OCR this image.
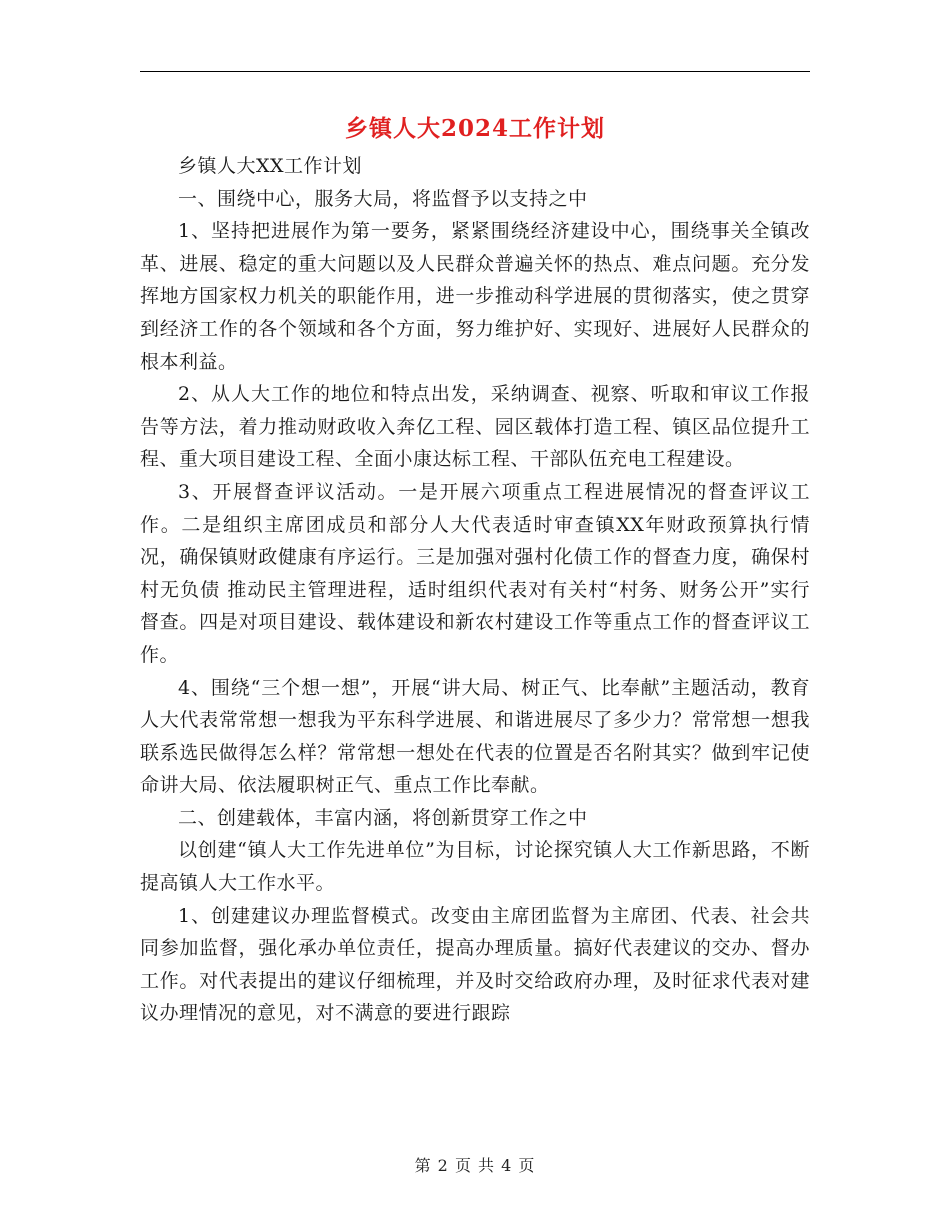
乡镇人大2024工作计划

乡镇人大XX工作计划

一、围绕中心，服务大局，将监督予以支持之中

1、坚持把进展作为第一要务，紧紧围绕经济建设中心，围绕事关全镇改革、进展、稳定的重大问题以及人民群众普遍关怀的热点、难点问题。充分发挥地方国家权力机关的职能作用，进一步推动科学进展的贯彻落实，使之贯穿到经济工作的各个领域和各个方面，努力维护好、实现好、进展好人民群众的根本利益。

2、从人大工作的地位和特点出发，采纳调查、视察、听取和审议工作报告等方法，着力推动财政收入奔亿工程、园区载体打造工程、镇区品位提升工程、重大项目建设工程、全面小康达标工程、干部队伍充电工程建设。

3、开展督查评议活动。一是开展六项重点工程进展情况的督查评议工作。二是组织主席团成员和部分人大代表适时审查镇XX年财政预算执行情况，确保镇财政健康有序运行。三是加强对强村化债工作的督查力度，确保村村无负债 推动民主管理进程，适时组织代表对有关村“村务、财务公开”实行督查。四是对项目建设、载体建设和新农村建设工作等重点工作的督查评议工作。

4、围绕“三个想一想”，开展“讲大局、树正气、比奉献”主题活动，教育人大代表常常想一想我为平东科学进展、和谐进展尽了多少力？常常想一想我联系选民做得怎么样？常常想一想处在代表的位置是否名附其实？做到牢记使命讲大局、依法履职树正气、重点工作比奉献。

二、创建载体，丰富内涵，将创新贯穿工作之中

以创建“镇人大工作先进单位”为目标，讨论探究镇人大工作新思路，不断提高镇人大工作水平。

1、创建建议办理监督模式。改变由主席团监督为主席团、代表、社会共同参加监督，强化承办单位责任，提高办理质量。搞好代表建议的交办、督办工作。对代表提出的建议仔细梳理，并及时交给政府办理，及时征求代表对建议办理情况的意见，对不满意的要进行跟踪

第 2 页 共 4 页
